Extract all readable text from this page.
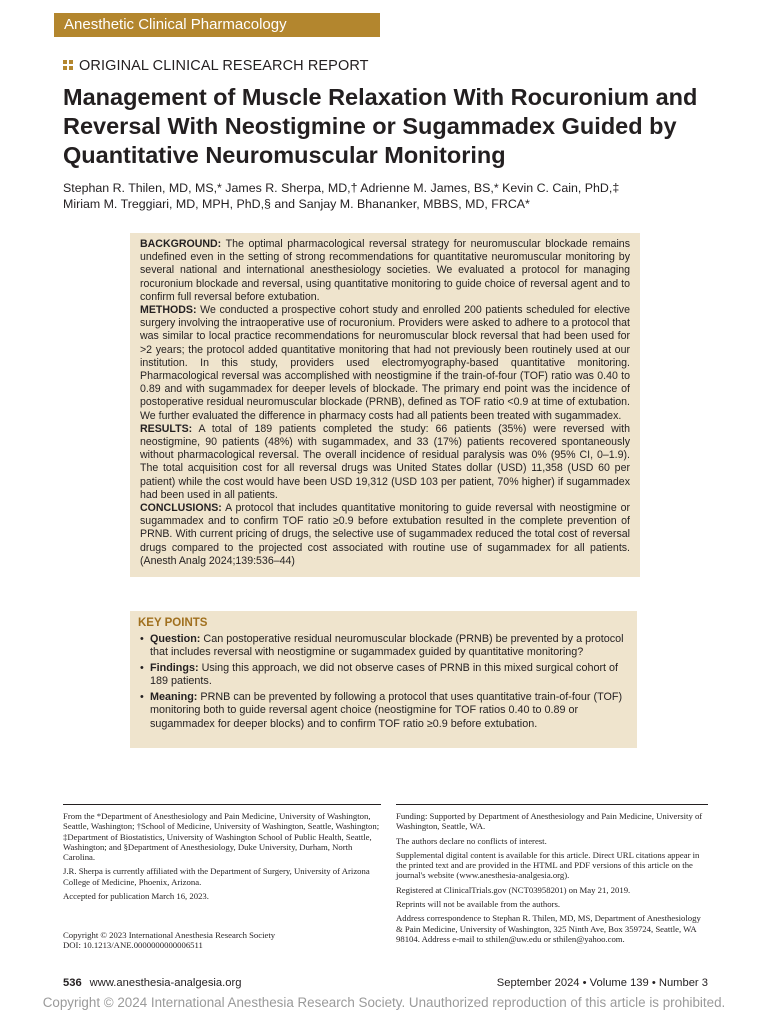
Anesthetic Clinical Pharmacology
ORIGINAL CLINICAL RESEARCH REPORT
Management of Muscle Relaxation With Rocuronium and Reversal With Neostigmine or Sugammadex Guided by Quantitative Neuromuscular Monitoring
Stephan R. Thilen, MD, MS,* James R. Sherpa, MD,† Adrienne M. James, BS,* Kevin C. Cain, PhD,‡
Miriam M. Treggiari, MD, MPH, PhD,§ and Sanjay M. Bhananker, MBBS, MD, FRCA*

BACKGROUND: The optimal pharmacological reversal strategy for neuromuscular blockade remains undefined even in the setting of strong recommendations for quantitative neuromuscular monitoring by several national and international anesthesiology societies. We evaluated a protocol for managing rocuronium blockade and reversal, using quantitative monitoring to guide choice of reversal agent and to confirm full reversal before extubation.

METHODS: We conducted a prospective cohort study and enrolled 200 patients scheduled for elective surgery involving the intraoperative use of rocuronium. Providers were asked to adhere to a protocol that was similar to local practice recommendations for neuromuscular block reversal that had been used for >2 years; the protocol added quantitative monitoring that had not previously been routinely used at our institution. In this study, providers used electromyography-based quantitative monitoring. Pharmacological reversal was accomplished with neostigmine if the train-of-four (TOF) ratio was 0.40 to 0.89 and with sugammadex for deeper levels of blockade. The primary end point was the incidence of postoperative residual neuromuscular blockade (PRNB), defined as TOF ratio <0.9 at time of extubation. We further evaluated the difference in pharmacy costs had all patients been treated with sugammadex.

RESULTS: A total of 189 patients completed the study: 66 patients (35%) were reversed with neostigmine, 90 patients (48%) with sugammadex, and 33 (17%) patients recovered spontaneously without pharmacological reversal. The overall incidence of residual paralysis was 0% (95% CI, 0–1.9). The total acquisition cost for all reversal drugs was United States dollar (USD) 11,358 (USD 60 per patient) while the cost would have been USD 19,312 (USD 103 per patient, 70% higher) if sugammadex had been used in all patients.

CONCLUSIONS: A protocol that includes quantitative monitoring to guide reversal with neostigmine or sugammadex and to confirm TOF ratio ≥0.9 before extubation resulted in the complete prevention of PRNB. With current pricing of drugs, the selective use of sugammadex reduced the total cost of reversal drugs compared to the projected cost associated with routine use of sugammadex for all patients. (Anesth Analg 2024;139:536–44)

KEY POINTS
• Question: Can postoperative residual neuromuscular blockade (PRNB) be prevented by a protocol that includes reversal with neostigmine or sugammadex guided by quantitative monitoring?
• Findings: Using this approach, we did not observe cases of PRNB in this mixed surgical cohort of 189 patients.
• Meaning: PRNB can be prevented by following a protocol that uses quantitative train-of-four (TOF) monitoring both to guide reversal agent choice (neostigmine for TOF ratios 0.40 to 0.89 or sugammadex for deeper blocks) and to confirm TOF ratio ≥0.9 before extubation.

From the *Department of Anesthesiology and Pain Medicine, University of Washington, Seattle, Washington; †School of Medicine, University of Washington, Seattle, Washington; ‡Department of Biostatistics, University of Washington School of Public Health, Seattle, Washington; and §Department of Anesthesiology, Duke University, Durham, North Carolina.

J.R. Sherpa is currently affiliated with the Department of Surgery, University of Arizona College of Medicine, Phoenix, Arizona.

Accepted for publication March 16, 2023.

Copyright © 2023 International Anesthesia Research Society
DOI: 10.1213/ANE.0000000000006511

Funding: Supported by Department of Anesthesiology and Pain Medicine, University of Washington, Seattle, WA.

The authors declare no conflicts of interest.

Supplemental digital content is available for this article. Direct URL citations appear in the printed text and are provided in the HTML and PDF versions of this article on the journal's website (www.anesthesia-analgesia.org).

Registered at ClinicalTrials.gov (NCT03958201) on May 21, 2019.

Reprints will not be available from the authors.

Address correspondence to Stephan R. Thilen, MD, MS, Department of Anesthesiology & Pain Medicine, University of Washington, 325 Ninth Ave, Box 359724, Seattle, WA 98104. Address e-mail to sthilen@uw.edu or sthilen@yahoo.com.

536 www.anesthesia-analgesia.org	September 2024 • Volume 139 • Number 3
Copyright © 2024 International Anesthesia Research Society. Unauthorized reproduction of this article is prohibited.
